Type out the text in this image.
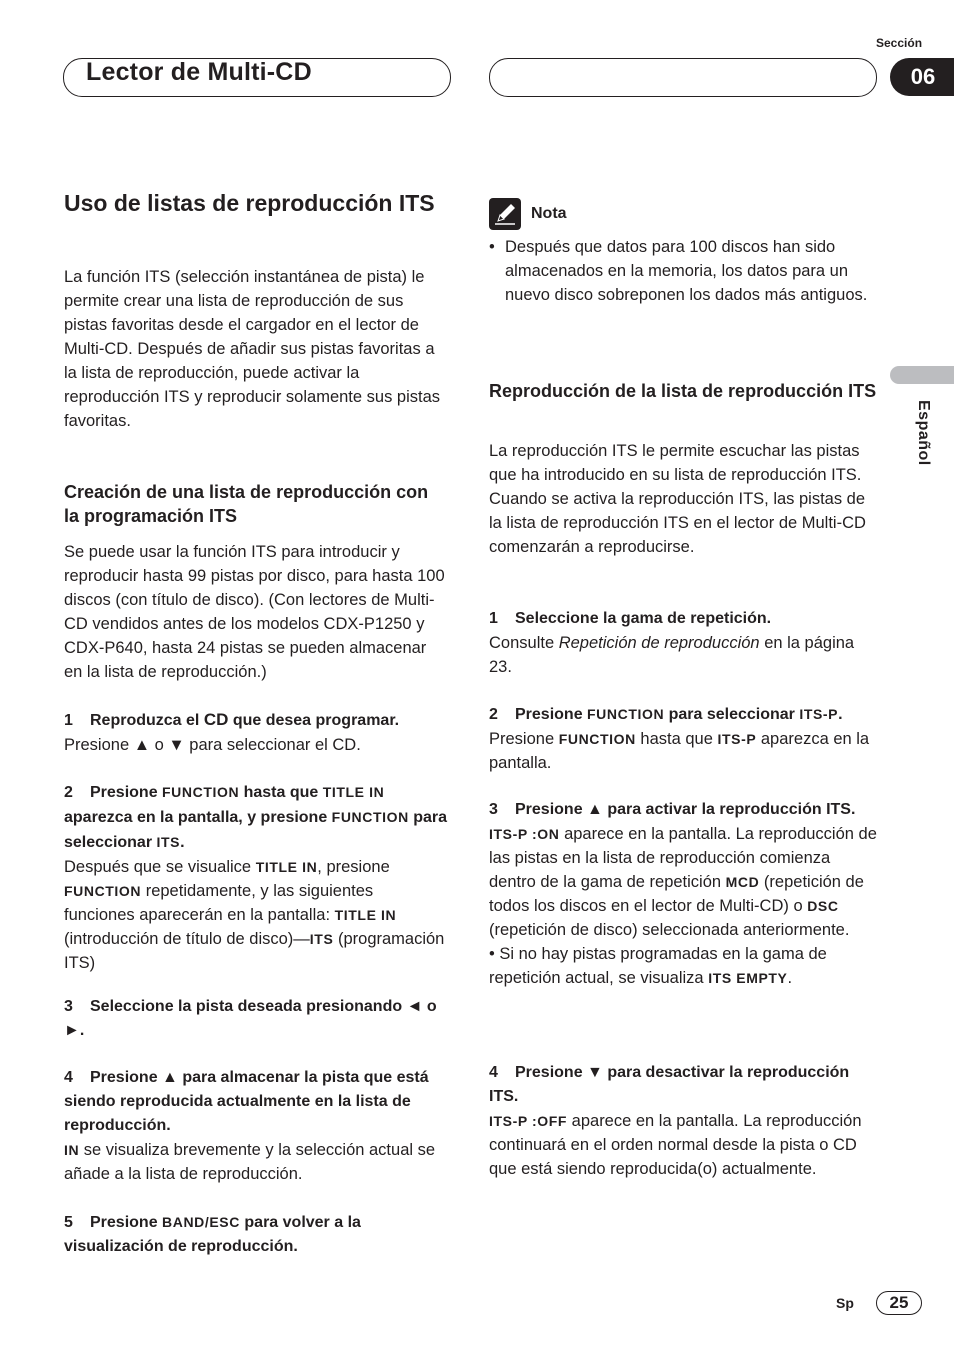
Lector de Multi-CD
Sección
06
Español
Uso de listas de reproducción ITS

La función ITS (selección instantánea de pista) le permite crear una lista de reproducción de sus pistas favoritas desde el cargador en el lector de Multi-CD. Después de añadir sus pistas favoritas a la lista de reproducción, puede activar la reproducción ITS y reproducir solamente sus pistas favoritas.

Creación de una lista de reproducción con la programación ITS

Se puede usar la función ITS para introducir y reproducir hasta 99 pistas por disco, para hasta 100 discos (con título de disco). (Con lectores de Multi-CD vendidos antes de los modelos CDX-P1250 y CDX-P640, hasta 24 pistas se pueden almacenar en la lista de reproducción.)

1 Reproduzca el CD que desea programar.

Presione ▲ o ▼ para seleccionar el CD.

2 Presione FUNCTION hasta que TITLE IN aparezca en la pantalla, y presione FUNCTION para seleccionar ITS.

Después que se visualice TITLE IN, presione FUNCTION repetidamente, y las siguientes funciones aparecerán en la pantalla: TITLE IN (introducción de título de disco)—ITS (programación ITS)

3 Seleccione la pista deseada presionando ◄ o ►.

4 Presione ▲ para almacenar la pista que está siendo reproducida actualmente en la lista de reproducción.

IN se visualiza brevemente y la selección actual se añade a la lista de reproducción.

5 Presione BAND/ESC para volver a la visualización de reproducción.

Nota
• Después que datos para 100 discos han sido almacenados en la memoria, los datos para un nuevo disco sobreponen los dados más antiguos.
Reproducción de la lista de reproducción ITS

La reproducción ITS le permite escuchar las pistas que ha introducido en su lista de reproducción ITS. Cuando se activa la reproducción ITS, las pistas de la lista de reproducción ITS en el lector de Multi-CD comenzarán a reproducirse.

1 Seleccione la gama de repetición.

Consulte Repetición de reproducción en la página 23.

2 Presione FUNCTION para seleccionar ITS-P.

Presione FUNCTION hasta que ITS-P aparezca en la pantalla.

3 Presione ▲ para activar la reproducción ITS.

ITS-P :ON aparece en la pantalla. La reproducción de las pistas en la lista de reproducción comienza dentro de la gama de repetición MCD (repetición de todos los discos en el lector de Multi-CD) o DSC (repetición de disco) seleccionada anteriormente.

• Si no hay pistas programadas en la gama de repetición actual, se visualiza ITS EMPTY.

4 Presione ▼ para desactivar la reproducción ITS.

ITS-P :OFF aparece en la pantalla. La reproducción continuará en el orden normal desde la pista o CD que está siendo reproducida(o) actualmente.

Sp	25
